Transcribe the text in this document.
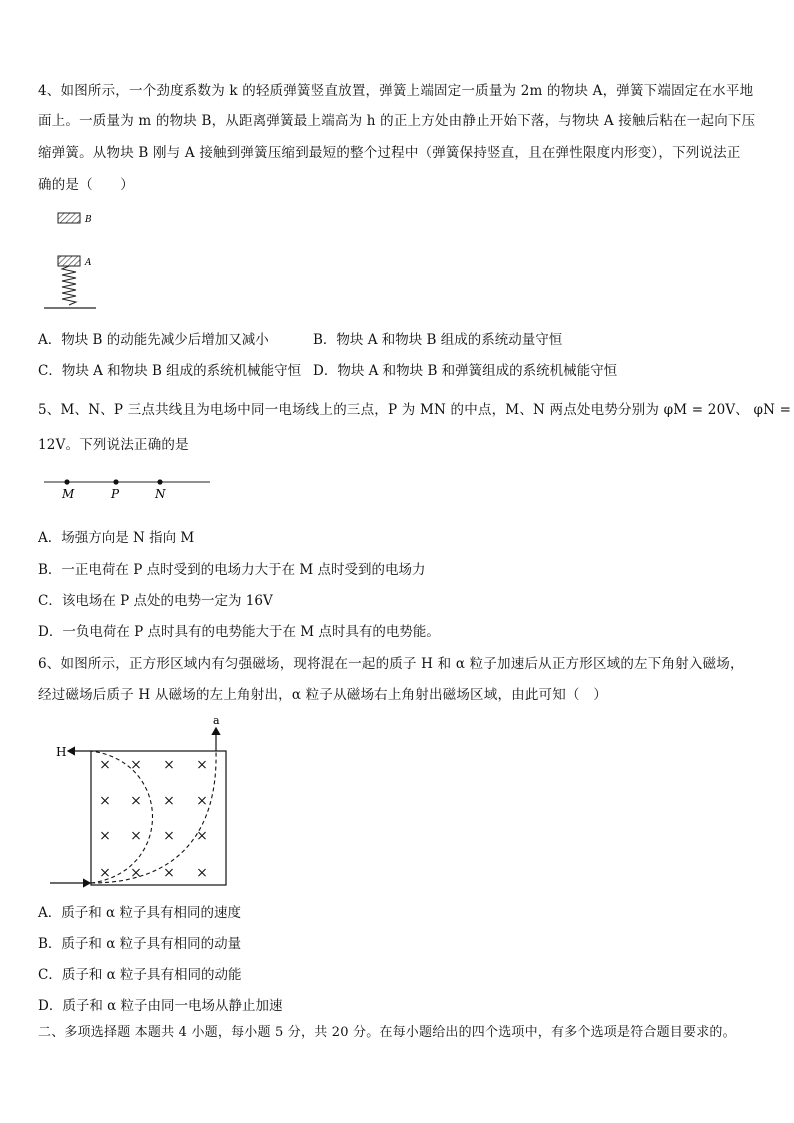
4、如图所示，一个劲度系数为 k 的轻质弹簧竖直放置，弹簧上端固定一质量为 2m 的物块 A，弹簧下端固定在水平地
面上。一质量为 m 的物块 B，从距离弹簧最上端高为 h 的正上方处由静止开始下落，与物块 A 接触后粘在一起向下压
缩弹簧。从物块 B 刚与 A 接触到弹簧压缩到最短的整个过程中（弹簧保持竖直，且在弹性限度内形变），下列说法正
确的是（　　）
B
A
A．物块 B 的动能先减少后增加又减小	B．物块 A 和物块 B 组成的系统动量守恒
C．物块 A 和物块 B 组成的系统机械能守恒 D．物块 A 和物块 B 和弹簧组成的系统机械能守恒
5、M、N、P 三点共线且为电场中同一电场线上的三点，P 为 MN 的中点，M、N 两点处电势分别为 φM = 20V、 φN =
12V。下列说法正确的是
M	P	N
A．场强方向是 N 指向 M
B．一正电荷在 P 点时受到的电场力大于在 M 点时受到的电场力
C．该电场在 P 点处的电势一定为 16V
D．一负电荷在 P 点时具有的电势能大于在 M 点时具有的电势能。
6、如图所示，正方形区域内有匀强磁场，现将混在一起的质子 H 和 α 粒子加速后从正方形区域的左下角射入磁场，
经过磁场后质子 H 从磁场的左上角射出，α 粒子从磁场右上角射出磁场区域，由此可知（　）
× × × ×
× × × ×
× × × ×
× × × ×
H
a
A．质子和 α 粒子具有相同的速度
B．质子和 α 粒子具有相同的动量
C．质子和 α 粒子具有相同的动能
D．质子和 α 粒子由同一电场从静止加速
二、多项选择题 本题共 4 小题，每小题 5 分，共 20 分。在每小题给出的四个选项中，有多个选项是符合题目要求的。
